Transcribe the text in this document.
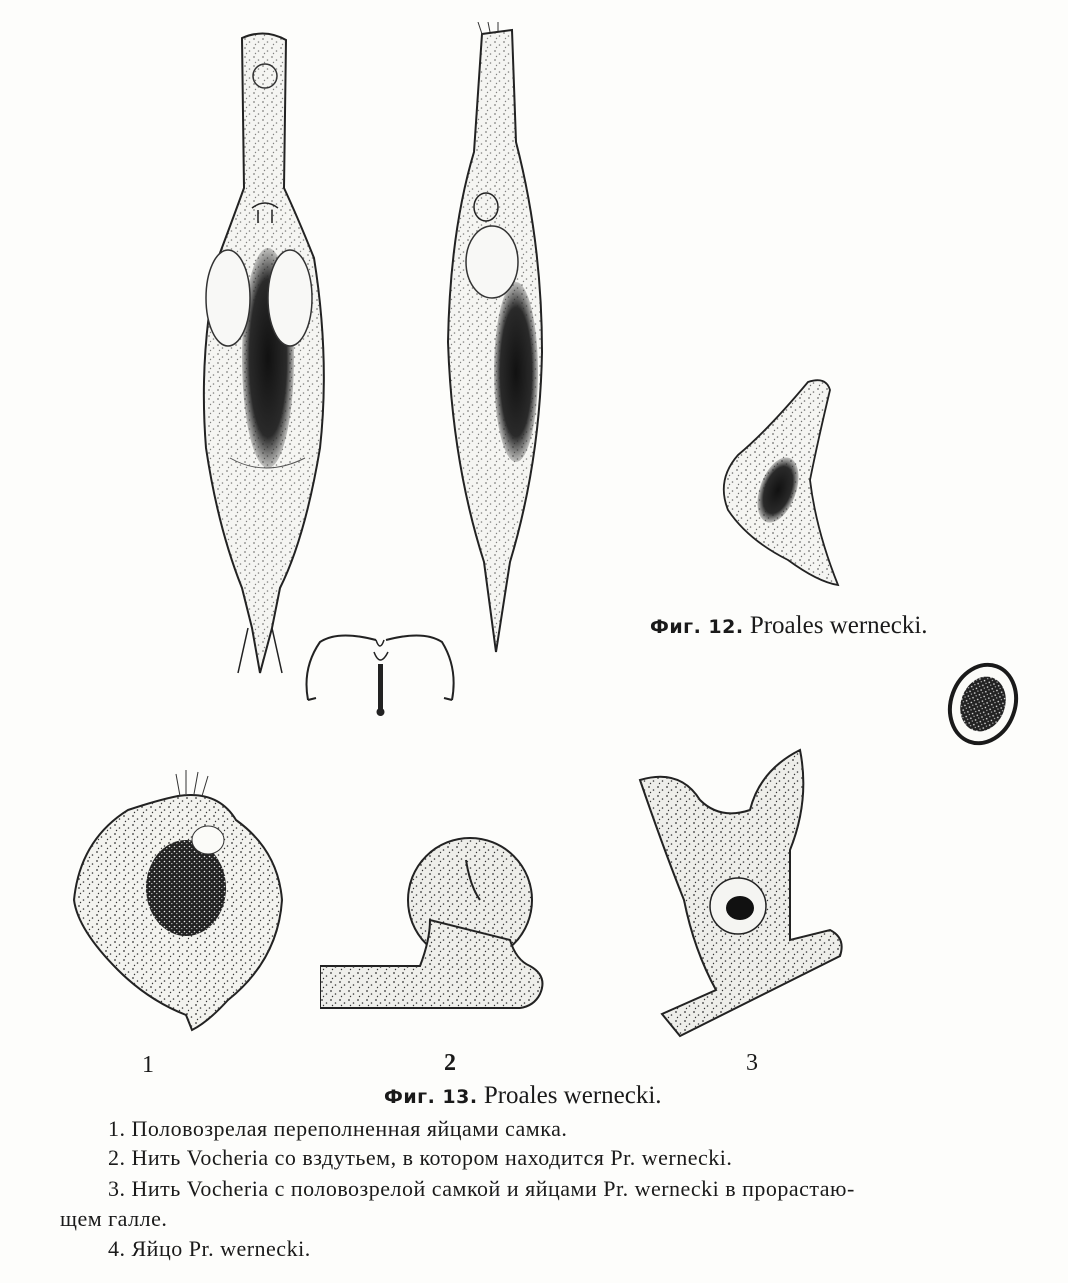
Фиг. 12. Proales wernecki.
1	2	3
Фиг. 13. Proales wernecki.
1. Половозрелая переполненная яйцами самка.
2. Нить Vocheria со вздутьем, в котором находится Pr. wernecki.
3. Нить Vocheria с половозрелой самкой и яйцами Pr. wernecki в прорастаю-
щем галле.
4. Яйцо Pr. wernecki.
